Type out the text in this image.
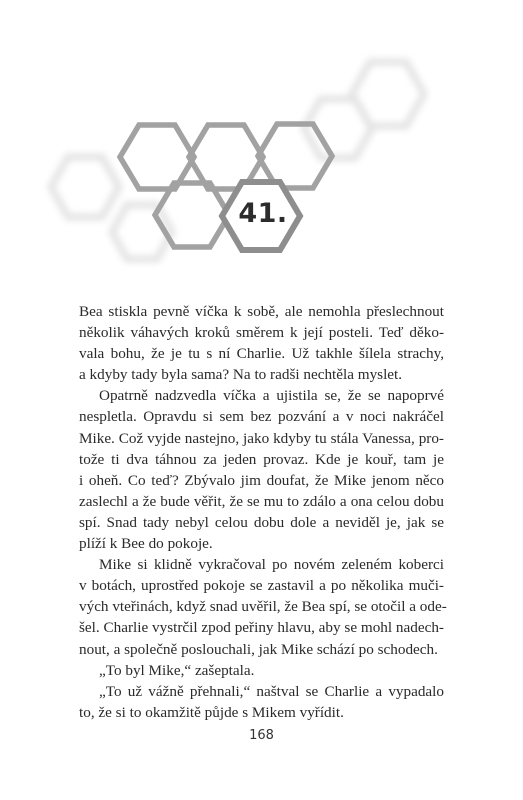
41.
Bea stiskla pevně víčka k sobě, ale nemohla přeslechnout
několik váhavých kroků směrem k její posteli. Teď děko-
vala bohu, že je tu s ní Charlie. Už takhle šílela strachy,
a kdyby tady byla sama? Na to radši nechtěla myslet.
Opatrně nadzvedla víčka a ujistila se, že se napoprvé
nespletla. Opravdu si sem bez pozvání a v noci nakráčel
Mike. Což vyjde nastejno, jako kdyby tu stála Vanessa, pro-
tože ti dva táhnou za jeden provaz. Kde je kouř, tam je
i oheň. Co teď? Zbývalo jim doufat, že Mike jenom něco
zaslechl a že bude věřit, že se mu to zdálo a ona celou dobu
spí. Snad tady nebyl celou dobu dole a neviděl je, jak se
plíží k Bee do pokoje.
Mike si klidně vykračoval po novém zeleném koberci
v botách, uprostřed pokoje se zastavil a po několika muči-
vých vteřinách, když snad uvěřil, že Bea spí, se otočil a ode-
šel. Charlie vystrčil zpod peřiny hlavu, aby se mohl nadech-
nout, a společně poslouchali, jak Mike schází po schodech.
„To byl Mike,“ zašeptala.
„To už vážně přehnali,“ naštval se Charlie a vypadalo
to, že si to okamžitě půjde s Mikem vyřídit.
168
